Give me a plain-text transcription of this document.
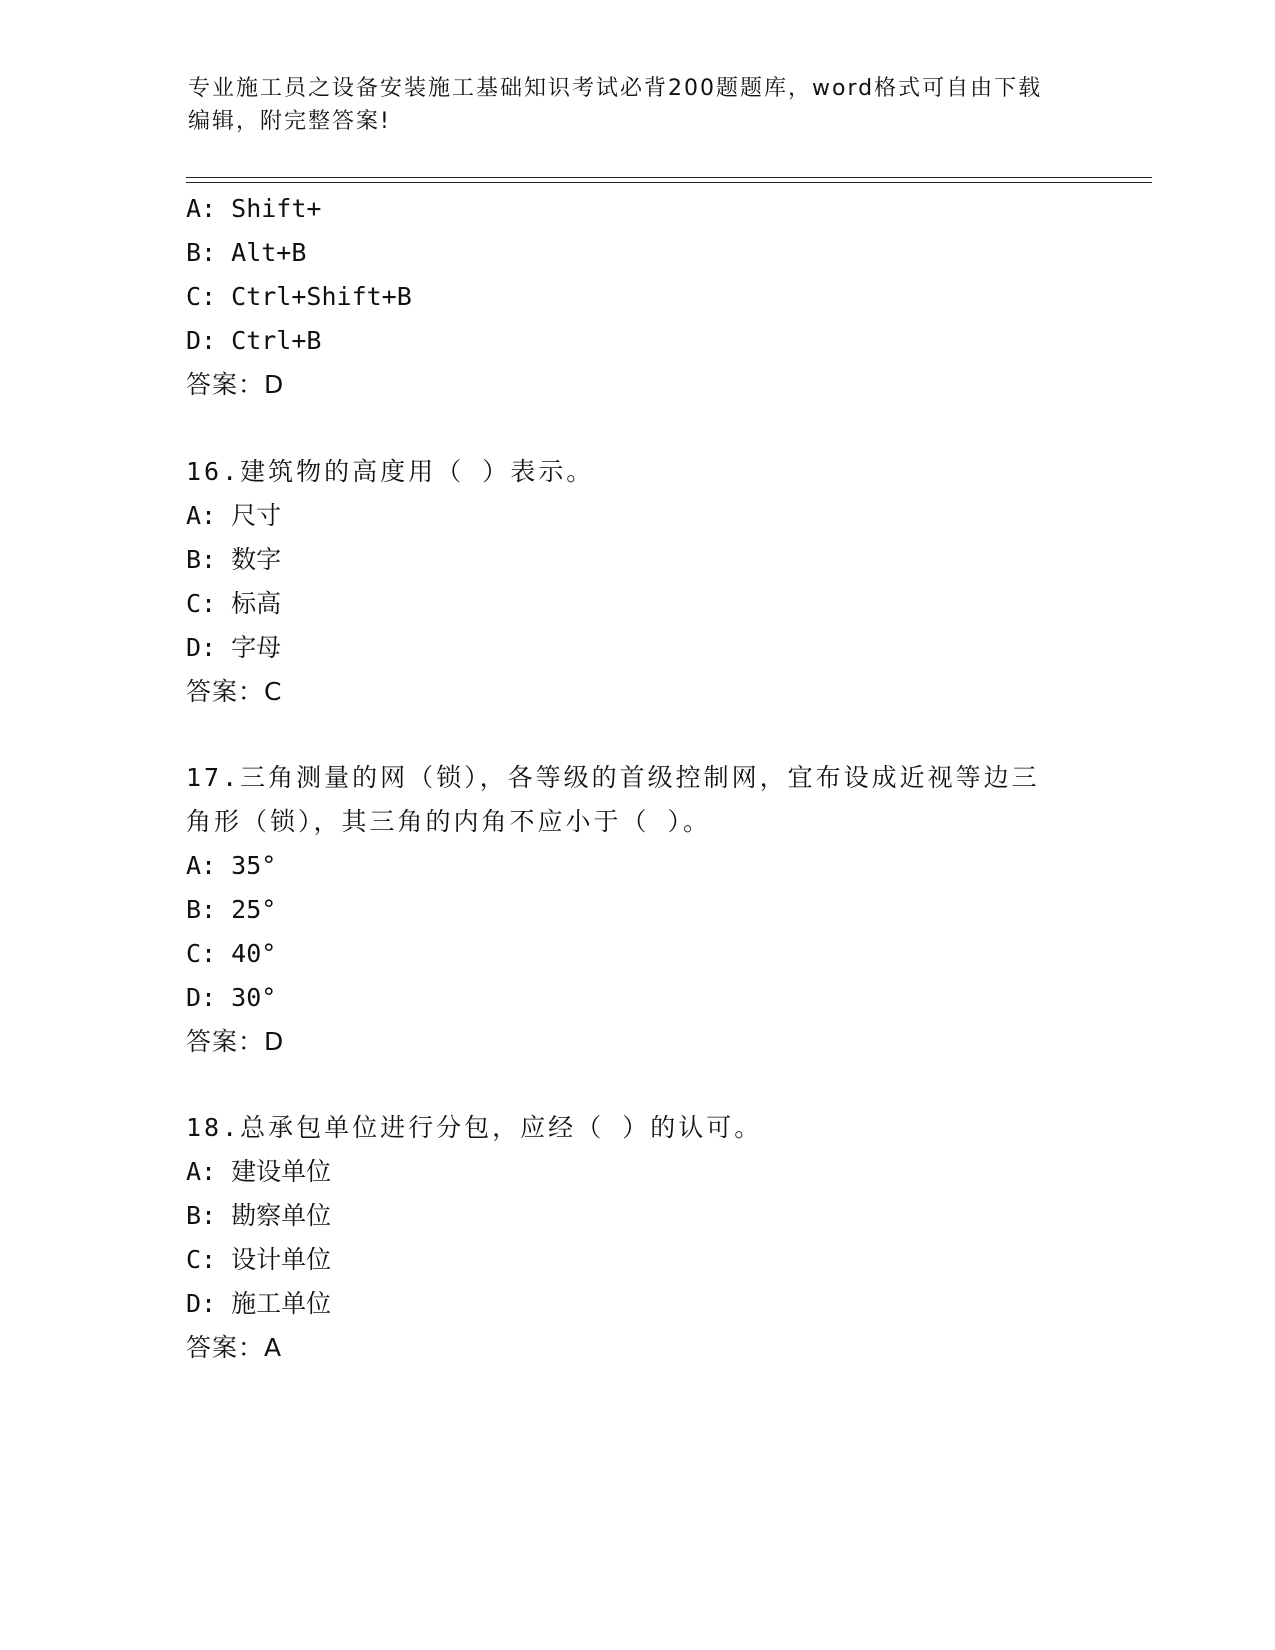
专业施工员之设备安装施工基础知识考试必背200题题库，word格式可自由下载
编辑，附完整答案!
A: Shift+
B: Alt+B
C: Ctrl+Shift+B
D: Ctrl+B
答案：D
16.建筑物的高度用（ ）表示。
A: 尺寸
B: 数字
C: 标高
D: 字母
答案：C
17.三角测量的网（锁），各等级的首级控制网，宜布设成近视等边三
角形（锁），其三角的内角不应小于（ ）。
A: 35°
B: 25°
C: 40°
D: 30°
答案：D
18.总承包单位进行分包，应经（ ）的认可。
A: 建设单位
B: 勘察单位
C: 设计单位
D: 施工单位
答案：A
